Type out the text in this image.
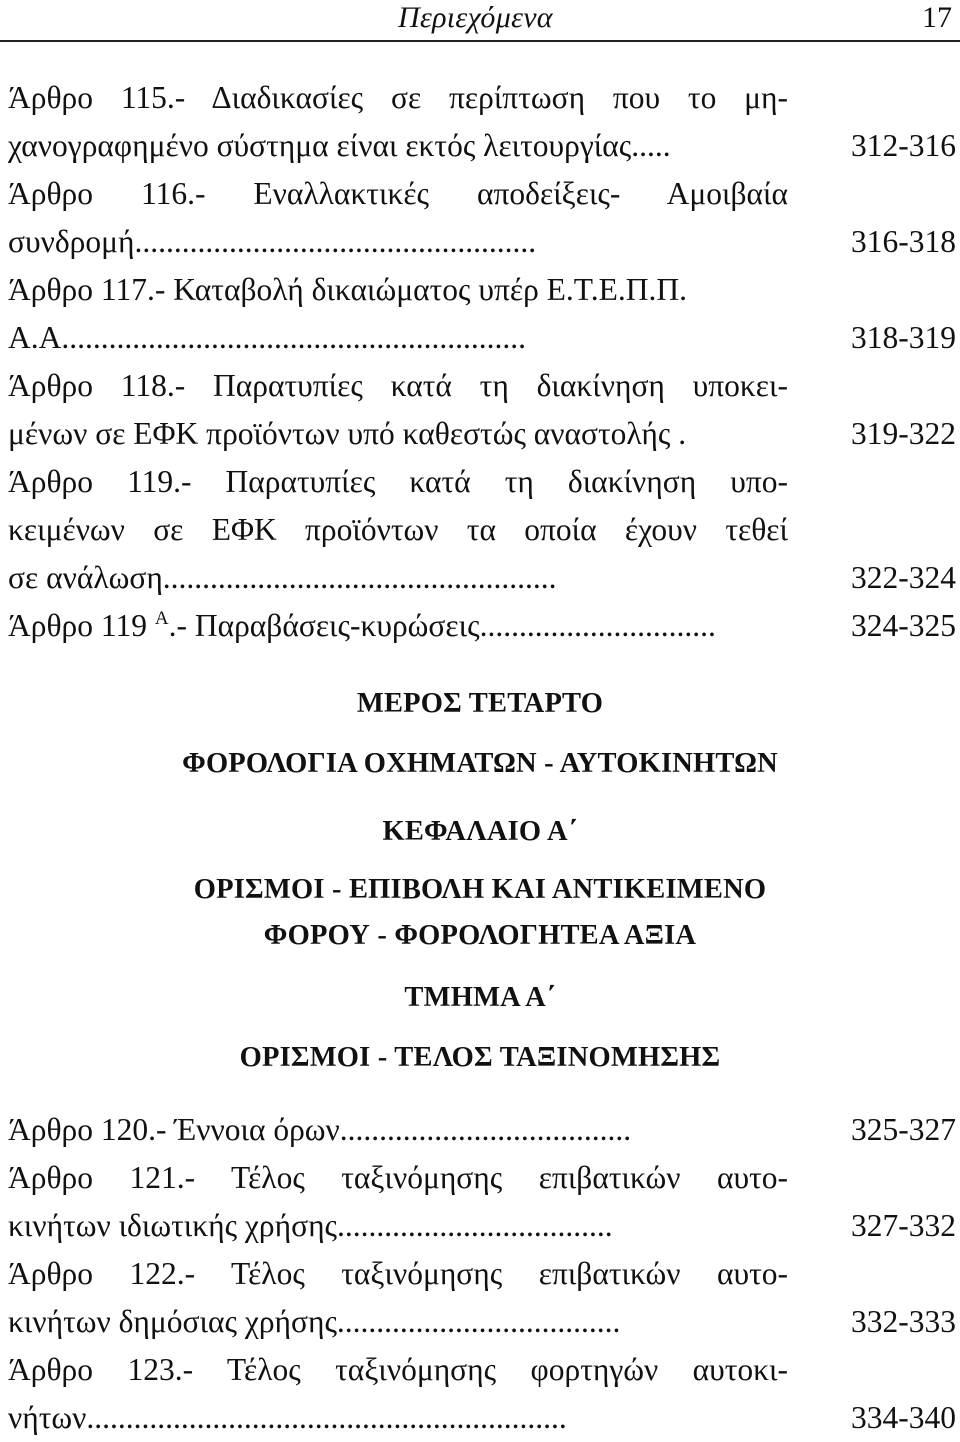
Περιεχόμενα	17
Άρθρο 115.- Διαδικασίες σε περίπτωση που το μη-
χανογραφημένο σύστημα είναι εκτός λειτουργίας.....	312-316
Άρθρο 116.- Εναλλακτικές αποδείξεις- Αμοιβαία
συνδρομή...................................................	316-318
Άρθρο 117.- Καταβολή δικαιώματος υπέρ Ε.Τ.Ε.Π.Π.
Α.Α...........................................................	318-319
Άρθρο 118.- Παρατυπίες κατά τη διακίνηση υποκει-
μένων σε ΕΦΚ προϊόντων υπό καθεστώς αναστολής .	319-322
Άρθρο 119.- Παρατυπίες κατά τη διακίνηση υπο-
κειμένων σε ΕΦΚ προϊόντων τα οποία έχουν τεθεί
σε ανάλωση..................................................	322-324
Άρθρο 119 $^A$.- Παραβάσεις-κυρώσεις..............................	324-325
ΜΕΡΟΣ ΤΕΤΑΡΤΟ
ΦΟΡΟΛΟΓΙΑ ΟΧΗΜΑΤΩΝ - ΑΥΤΟΚΙΝΗΤΩΝ
ΚΕΦΑΛΑΙΟ Α΄
ΟΡΙΣΜΟΙ - ΕΠΙΒΟΛΗ ΚΑΙ ΑΝΤΙΚΕΙΜΕΝΟ
ΦΟΡΟΥ - ΦΟΡΟΛΟΓΗΤΕΑ ΑΞΙΑ
ΤΜΗΜΑ Α΄
ΟΡΙΣΜΟΙ - ΤΕΛΟΣ ΤΑΞΙΝΟΜΗΣΗΣ
Άρθρο 120.- Έννοια όρων.....................................	325-327
Άρθρο 121.- Τέλος ταξινόμησης επιβατικών αυτο-
κινήτων ιδιωτικής χρήσης...................................	327-332
Άρθρο 122.- Τέλος ταξινόμησης επιβατικών αυτο-
κινήτων δημόσιας χρήσης....................................	332-333
Άρθρο 123.- Τέλος ταξινόμησης φορτηγών αυτοκι-
νήτων.............................................................	334-340
